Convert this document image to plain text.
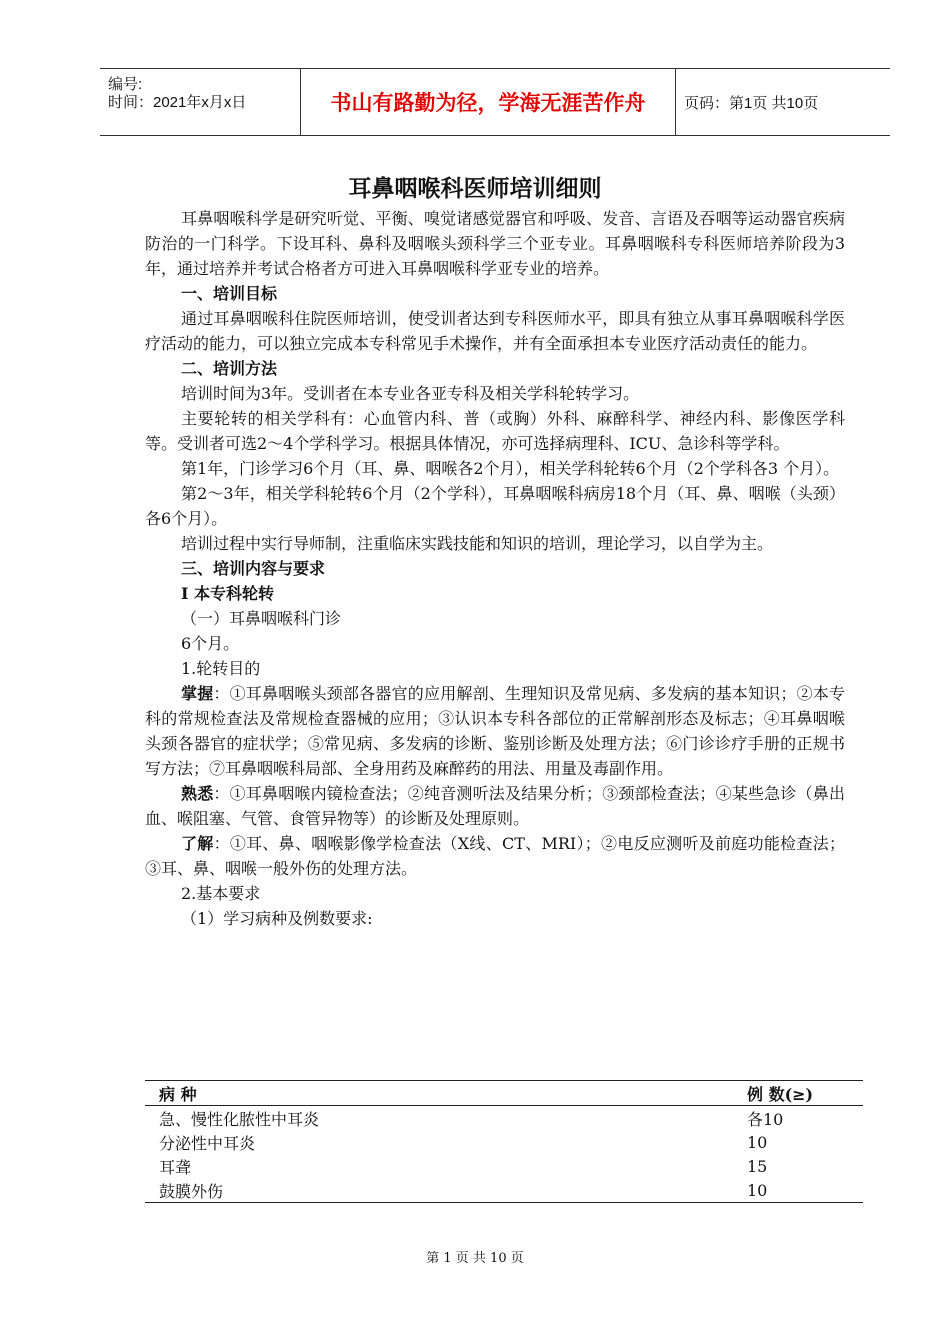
编号:
时间：2021年x月x日	书山有路勤为径，学海无涯苦作舟	页码：第1页 共10页
耳鼻咽喉科医师培训细则

耳鼻咽喉科学是研究听觉、平衡、嗅觉诸感觉器官和呼吸、发音、言语及吞咽等运动器官疾病防治的一门科学。下设耳科、鼻科及咽喉头颈科学三个亚专业。耳鼻咽喉科专科医师培养阶段为3年，通过培养并考试合格者方可进入耳鼻咽喉科学亚专业的培养。

一、培训目标

通过耳鼻咽喉科住院医师培训，使受训者达到专科医师水平，即具有独立从事耳鼻咽喉科学医疗活动的能力，可以独立完成本专科常见手术操作，并有全面承担本专业医疗活动责任的能力。

二、培训方法

培训时间为3年。受训者在本专业各亚专科及相关学科轮转学习。

主要轮转的相关学科有：心血管内科、普（或胸）外科、麻醉科学、神经内科、影像医学科等。受训者可选2～4个学科学习。根据具体情况，亦可选择病理科、ICU、急诊科等学科。

第1年，门诊学习6个月（耳、鼻、咽喉各2个月），相关学科轮转6个月（2个学科各3 个月）。

第2～3年，相关学科轮转6个月（2个学科），耳鼻咽喉科病房18个月（耳、鼻、咽喉（头颈）各6个月）。

培训过程中实行导师制，注重临床实践技能和知识的培训，理论学习，以自学为主。

三、培训内容与要求

Ⅰ 本专科轮转

（一）耳鼻咽喉科门诊

6个月。

1.轮转目的

掌握：①耳鼻咽喉头颈部各器官的应用解剖、生理知识及常见病、多发病的基本知识；②本专科的常规检查法及常规检查器械的应用；③认识本专科各部位的正常解剖形态及标志；④耳鼻咽喉头颈各器官的症状学；⑤常见病、多发病的诊断、鉴别诊断及处理方法；⑥门诊诊疗手册的正规书写方法；⑦耳鼻咽喉科局部、全身用药及麻醉药的用法、用量及毒副作用。

熟悉：①耳鼻咽喉内镜检查法；②纯音测听法及结果分析；③颈部检查法；④某些急诊（鼻出血、喉阻塞、气管、食管异物等）的诊断及处理原则。

了解：①耳、鼻、咽喉影像学检查法（X线、CT、MRI）；②电反应测听及前庭功能检查法；③耳、鼻、咽喉一般外伤的处理方法。

2.基本要求

（1）学习病种及例数要求:

病 种	例 数(≥)
急、慢性化脓性中耳炎	各10
分泌性中耳炎	10
耳聋	15
鼓膜外伤	10
第 1 页 共 10 页
